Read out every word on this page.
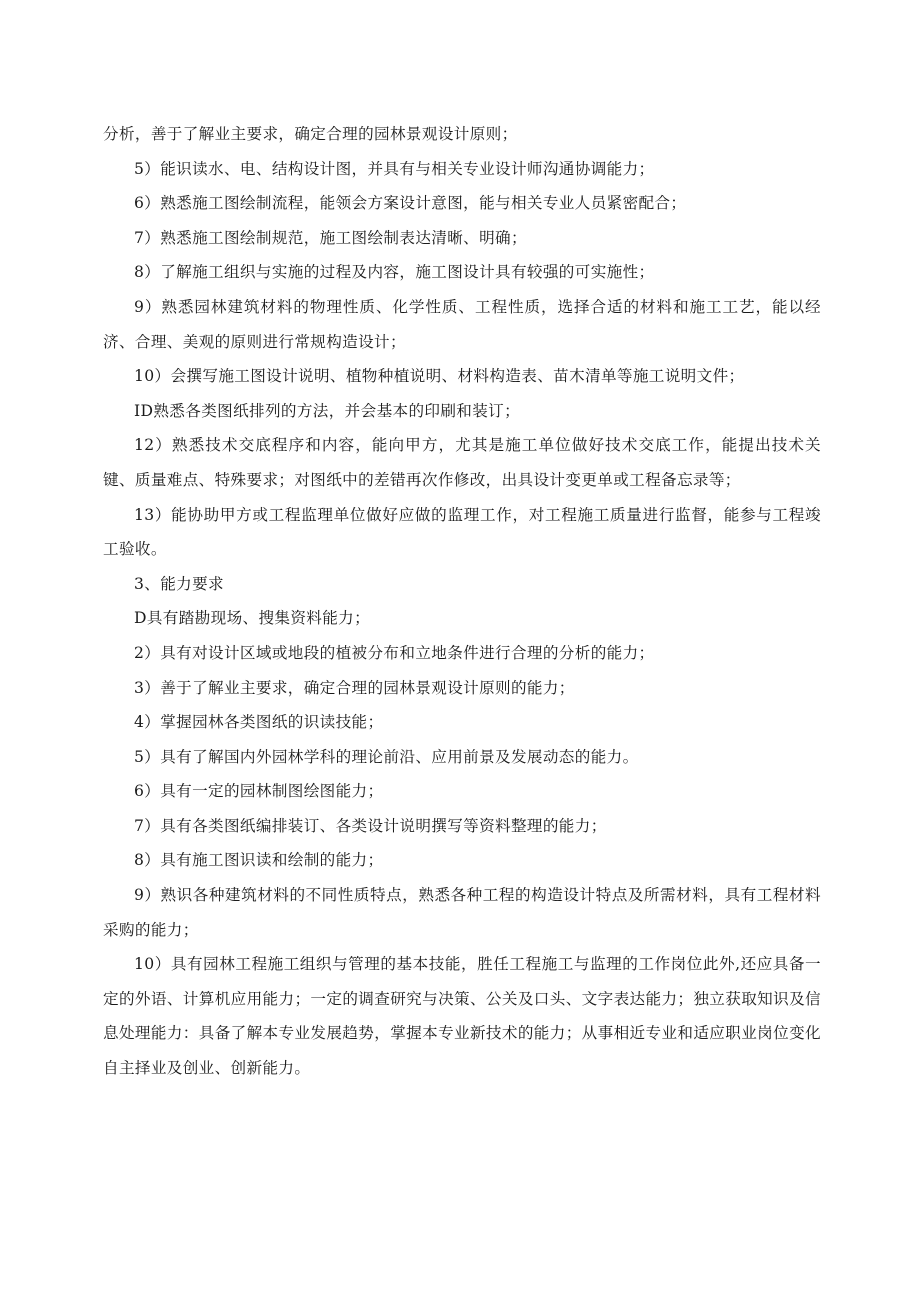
分析，善于了解业主要求，确定合理的园林景观设计原则；

5）能识读水、电、结构设计图，并具有与相关专业设计师沟通协调能力；

6）熟悉施工图绘制流程，能领会方案设计意图，能与相关专业人员紧密配合；

7）熟悉施工图绘制规范，施工图绘制表达清晰、明确；

8）了解施工组织与实施的过程及内容，施工图设计具有较强的可实施性；

9）熟悉园林建筑材料的物理性质、化学性质、工程性质，选择合适的材料和施工工艺，能以经济、合理、美观的原则进行常规构造设计；

10）会撰写施工图设计说明、植物种植说明、材料构造表、苗木清单等施工说明文件；

ID熟悉各类图纸排列的方法，并会基本的印刷和装订；

12）熟悉技术交底程序和内容，能向甲方，尤其是施工单位做好技术交底工作，能提出技术关键、质量难点、特殊要求；对图纸中的差错再次作修改，出具设计变更单或工程备忘录等；

13）能协助甲方或工程监理单位做好应做的监理工作，对工程施工质量进行监督，能参与工程竣工验收。

3、能力要求

D具有踏勘现场、搜集资料能力；

2）具有对设计区域或地段的植被分布和立地条件进行合理的分析的能力；

3）善于了解业主要求，确定合理的园林景观设计原则的能力；

4）掌握园林各类图纸的识读技能；

5）具有了解国内外园林学科的理论前沿、应用前景及发展动态的能力。

6）具有一定的园林制图绘图能力；

7）具有各类图纸编排装订、各类设计说明撰写等资料整理的能力；

8）具有施工图识读和绘制的能力；

9）熟识各种建筑材料的不同性质特点，熟悉各种工程的构造设计特点及所需材料，具有工程材料采购的能力；

10）具有园林工程施工组织与管理的基本技能，胜任工程施工与监理的工作岗位此外,还应具备一定的外语、计算机应用能力；一定的调查研究与决策、公关及口头、文字表达能力；独立获取知识及信息处理能力：具备了解本专业发展趋势，掌握本专业新技术的能力；从事相近专业和适应职业岗位变化自主择业及创业、创新能力。
